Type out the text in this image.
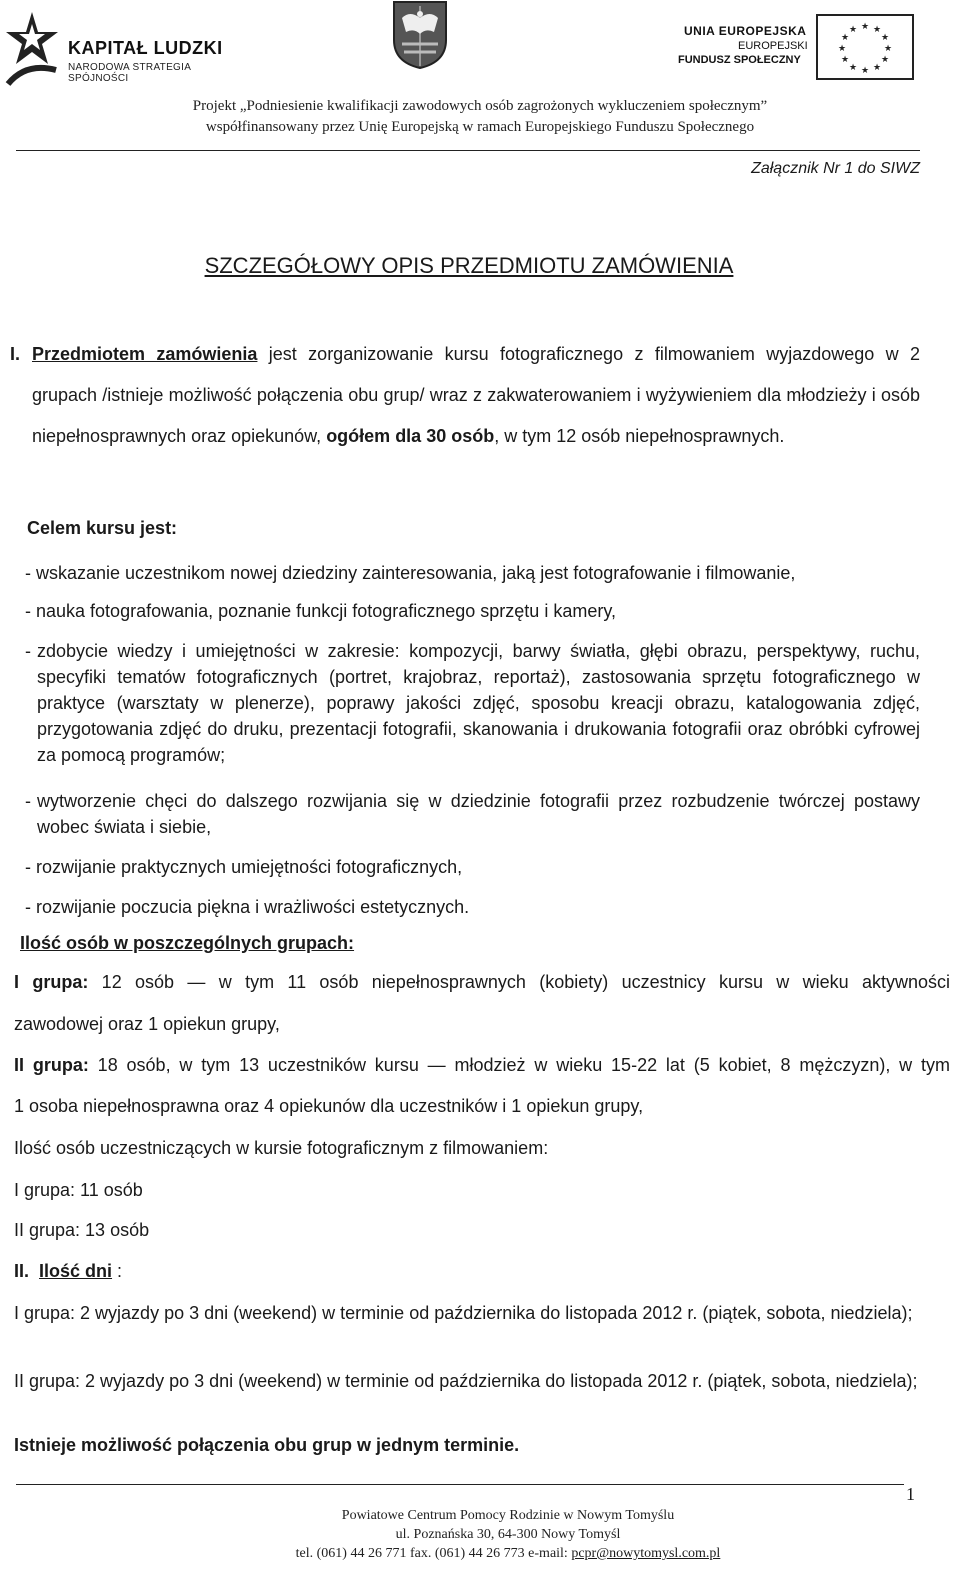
KAPITAŁ LUDZKI
NARODOWA STRATEGIA SPÓJNOŚCI
UNIA EUROPEJSKA
EUROPEJSKI
FUNDUSZ SPOŁECZNY
★ ★
★
★
★
★
★
★
★
★
★
★
Projekt „Podniesienie kwalifikacji zawodowych osób zagrożonych wykluczeniem społecznym”
współfinansowany przez Unię Europejską w ramach Europejskiego Funduszu Społecznego
Załącznik Nr 1 do SIWZ
SZCZEGÓŁOWY OPIS PRZEDMIOTU ZAMÓWIENIA
I. Przedmiotem zamówienia jest zorganizowanie kursu fotograficznego z filmowaniem wyjazdowego w 2 grupach /istnieje możliwość połączenia obu grup/ wraz z zakwaterowaniem i wyżywieniem dla młodzieży i osób niepełnosprawnych oraz opiekunów, ogółem dla 30 osób, w tym 12 osób niepełnosprawnych.
Celem kursu jest:
- wskazanie uczestnikom nowej dziedziny zainteresowania, jaką jest fotografowanie i filmowanie,
- nauka fotografowania, poznanie funkcji fotograficznego sprzętu i kamery,
- zdobycie wiedzy i umiejętności w zakresie: kompozycji, barwy światła, głębi obrazu, perspektywy, ruchu, specyfiki tematów fotograficznych (portret, krajobraz, reportaż), zastosowania sprzętu fotograficznego w praktyce (warsztaty w plenerze), poprawy jakości zdjęć, sposobu kreacji obrazu, katalogowania zdjęć, przygotowania zdjęć do druku, prezentacji fotografii, skanowania i drukowania fotografii oraz obróbki cyfrowej za pomocą programów;
- wytworzenie chęci do dalszego rozwijania się w dziedzinie fotografii przez rozbudzenie twórczej postawy wobec świata i siebie,
- rozwijanie praktycznych umiejętności fotograficznych,
- rozwijanie poczucia piękna i wrażliwości estetycznych.
Ilość osób w poszczególnych grupach:
I grupa: 12 osób — w tym 11 osób niepełnosprawnych (kobiety) uczestnicy kursu w wieku aktywności
zawodowej oraz 1 opiekun grupy,
II grupa: 18 osób, w tym 13 uczestników kursu — młodzież w wieku 15-22 lat (5 kobiet, 8 mężczyzn), w tym
1 osoba niepełnosprawna oraz 4 opiekunów dla uczestników i 1 opiekun grupy,
Ilość osób uczestniczących w kursie fotograficznym z filmowaniem:
I grupa: 11 osób
II grupa: 13 osób
II. Ilość dni :
I grupa: 2 wyjazdy po 3 dni (weekend) w terminie od października do listopada 2012 r. (piątek, sobota, niedziela);
II grupa: 2 wyjazdy po 3 dni (weekend) w terminie od października do listopada 2012 r. (piątek, sobota, niedziela);
Istnieje możliwość połączenia obu grup w jednym terminie.
1
Powiatowe Centrum Pomocy Rodzinie w Nowym Tomyślu
ul. Poznańska 30, 64-300 Nowy Tomyśl
tel. (061) 44 26 771 fax. (061) 44 26 773 e-mail: pcpr@nowytomysl.com.pl
